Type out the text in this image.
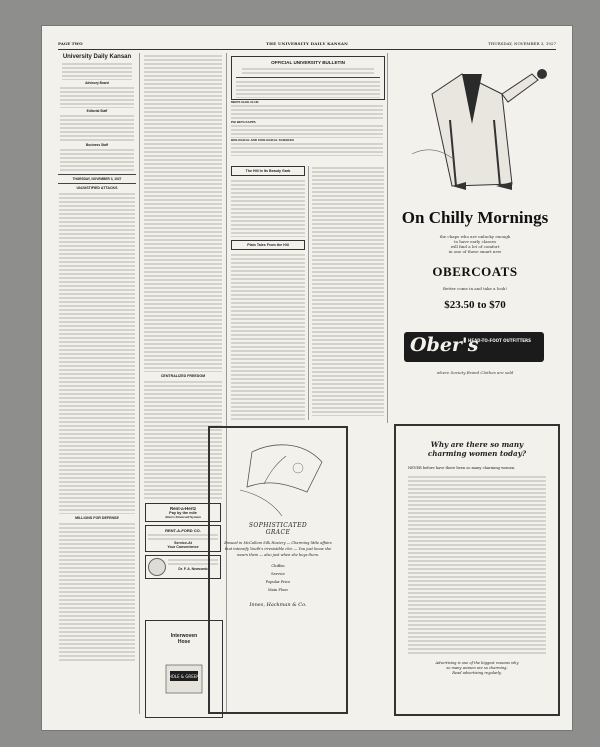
PAGE TWO	THE UNIVERSITY DAILY KANSAN	THURSDAY, NOVEMBER 3, 1927
University Daily Kansan
Advisory Board
Editorial Staff
Business Staff
THURSDAY, NOVEMBER 3, 1927
UNJUSTIFIED ATTACKS
MILLIONS FOR DEFENSE
CENTRALIZED FREEDOM
Rent-a-Hertz
Pay by the mile
Allen's Driversell System
RENT-A-FORD CO.
Service-At
Your Convenience
Dr. F. A. Newcomb
OFFICIAL UNIVERSITY BULLETIN
MEN'S GLEE CLUB
PHI BETA KAPPA
BIOLOGICAL AND ZOOLOGICAL SCIENCES
The Hill In Its Beauty Garb
Plain Tales From the Hill
Interwoven
Hose
HOLE & GREEN
SOPHISTICATED
GRACE
Ensued in McCallum Silk Hosiery — Charming little affairs that intensify Youth's irresistible chic — You just know she wears them — also just when she buys them.
Chiffon
Service
Popular Price
Main Floor
Innes, Hackman & Co.
On Chilly Mornings
the chaps who are unlucky enough
to have early classes
will find a lot of comfort
in one of these smart new
OBERCOATS
Better come in and take a look!
$23.50 to $70
Ober's
HEAD-TO-FOOT OUTFITTERS
where Society Brand Clothes are sold
Why are there so many
charming women today?
NEVER before have there been so many charming women.
Advertising is one of the biggest reasons why
so many women are so charming.
Read advertising regularly.
